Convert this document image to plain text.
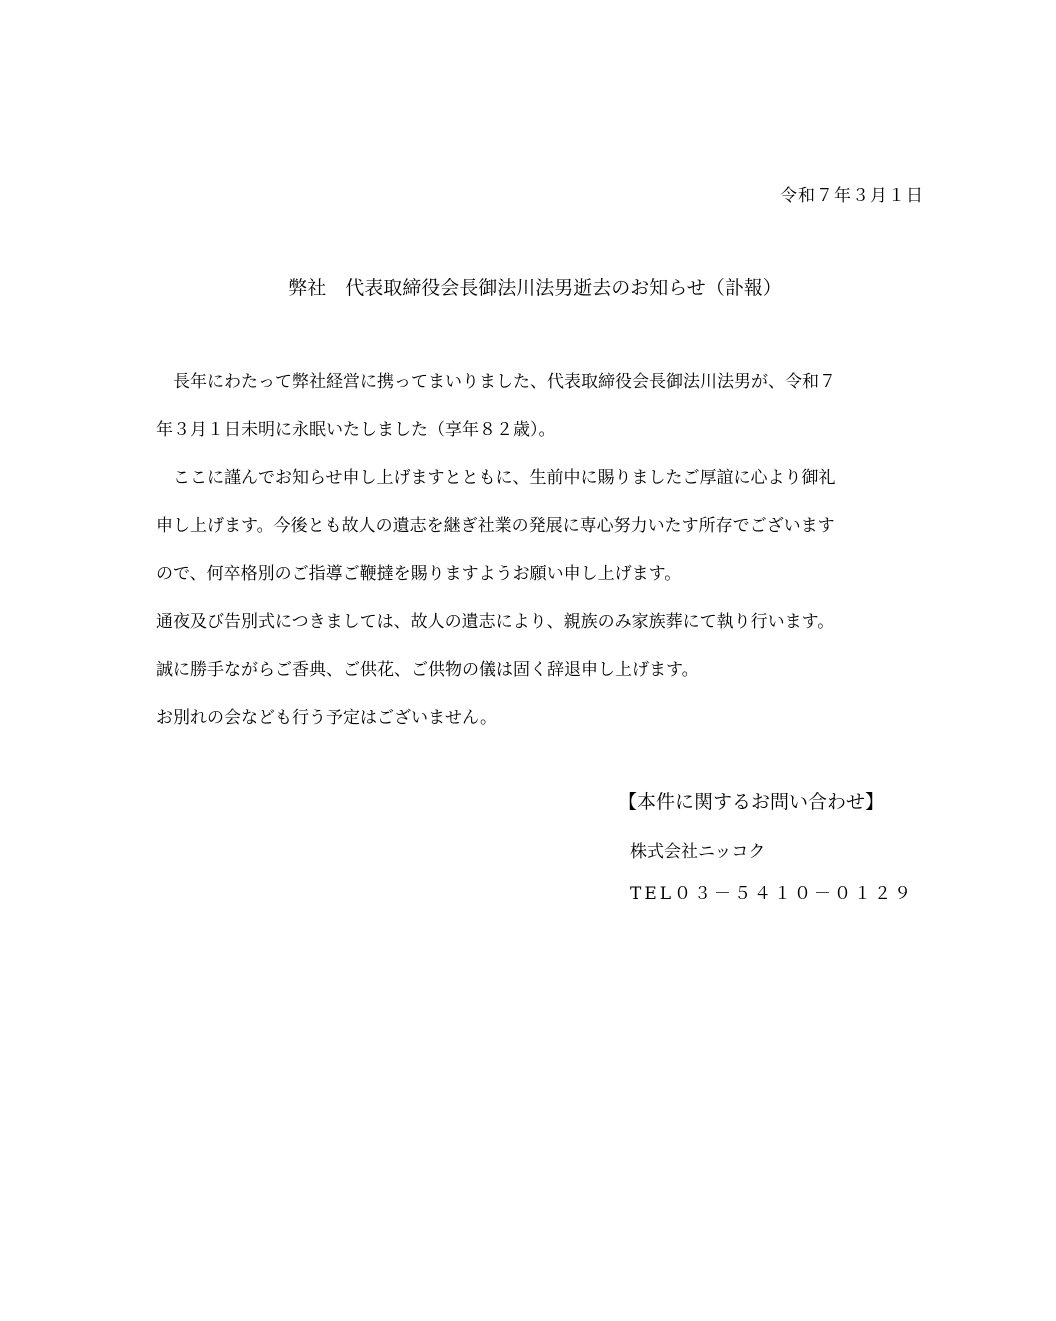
令和７年３月１日
弊社　代表取締役会長御法川法男逝去のお知らせ（訃報）
　長年にわたって弊社経営に携ってまいりました、代表取締役会長御法川法男が、令和７
年３月１日未明に永眠いたしました（享年８２歳）。
　ここに謹んでお知らせ申し上げますとともに、生前中に賜りましたご厚誼に心より御礼
申し上げます。今後とも故人の遺志を継ぎ社業の発展に専心努力いたす所存でございます
ので、何卒格別のご指導ご鞭撻を賜りますようお願い申し上げます。
通夜及び告別式につきましては、故人の遺志により、親族のみ家族葬にて執り行います。
誠に勝手ながらご香典、ご供花、ご供物の儀は固く辞退申し上げます。
お別れの会なども行う予定はございません。
【本件に関するお問い合わせ】
株式会社ニッコク
TEL０３－５４１０－０１２９
